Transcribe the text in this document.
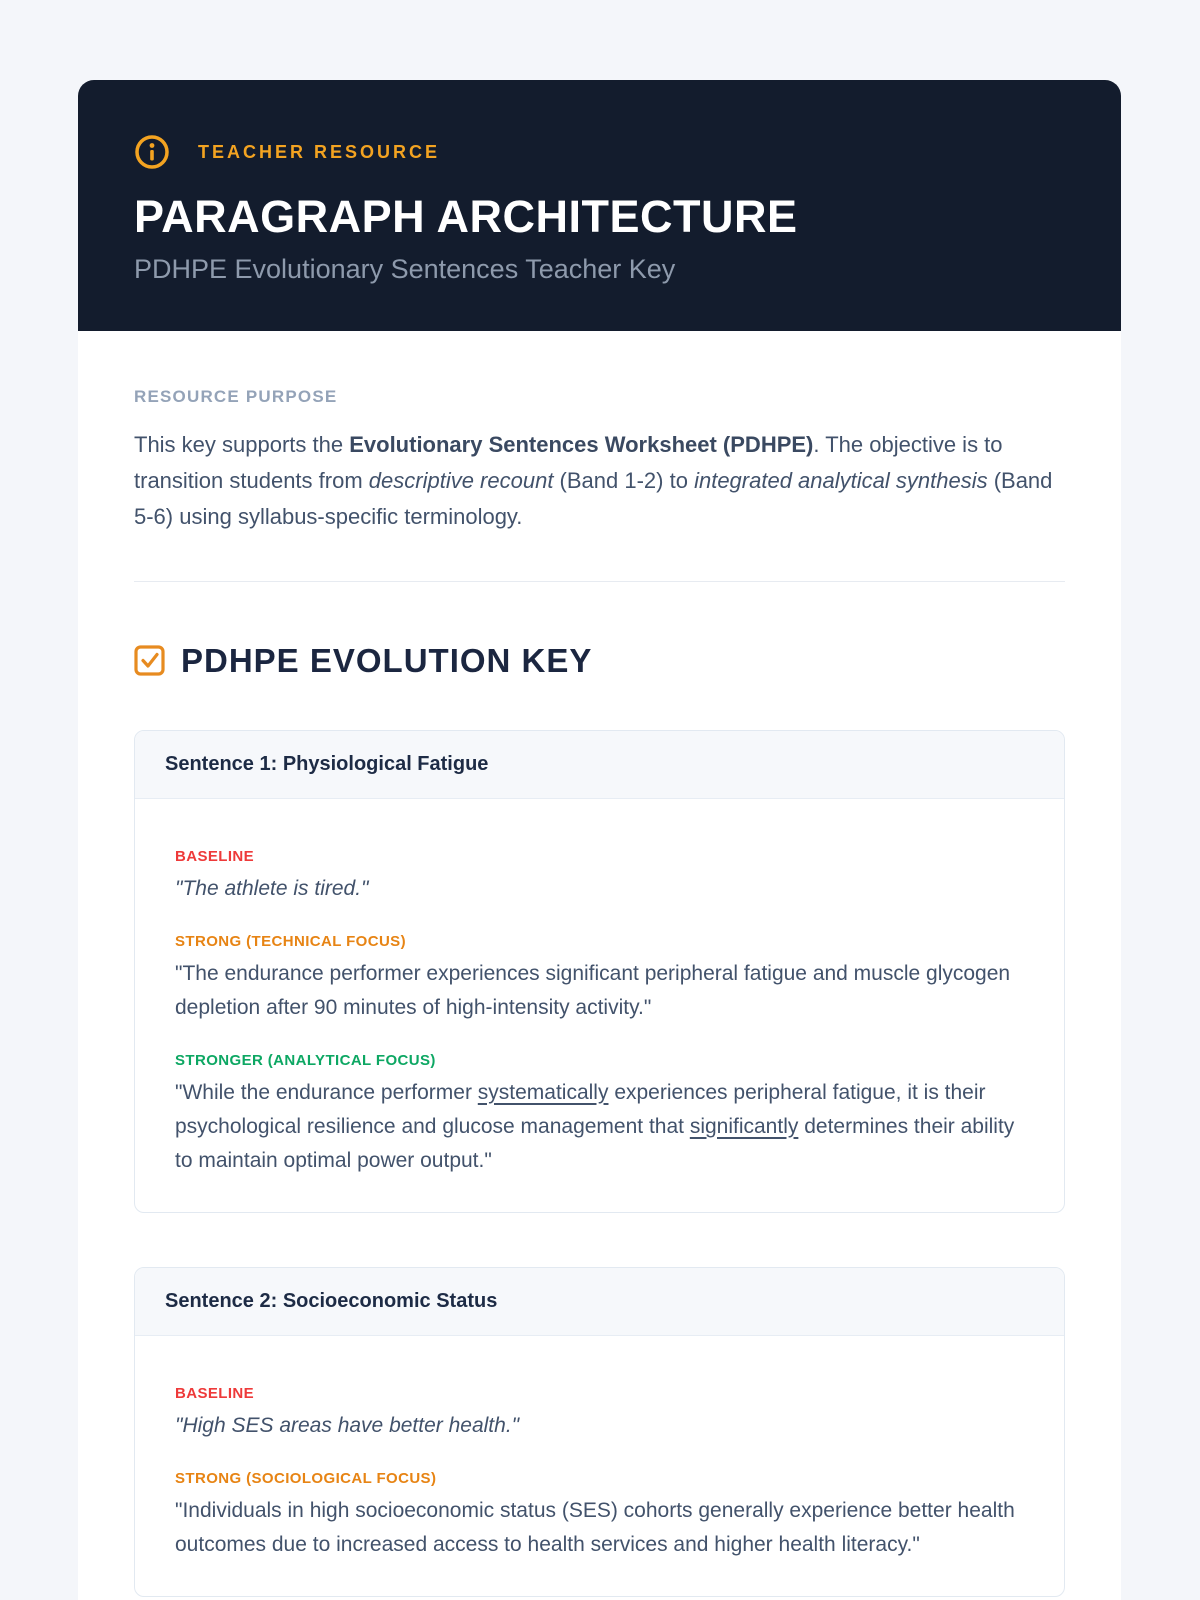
TEACHER RESOURCE
PARAGRAPH ARCHITECTURE
PDHPE Evolutionary Sentences Teacher Key
RESOURCE PURPOSE

This key supports the Evolutionary Sentences Worksheet (PDHPE). The objective is to transition students from descriptive recount (Band 1-2) to integrated analytical synthesis (Band 5-6) using syllabus-specific terminology.

PDHPE EVOLUTION KEY
Sentence 1: Physiological Fatigue
BASELINE

"The athlete is tired."

STRONG (TECHNICAL FOCUS)

"The endurance performer experiences significant peripheral fatigue and muscle glycogen depletion after 90 minutes of high-intensity activity."

STRONGER (ANALYTICAL FOCUS)

"While the endurance performer systematically experiences peripheral fatigue, it is their psychological resilience and glucose management that significantly determines their ability to maintain optimal power output."

Sentence 2: Socioeconomic Status
BASELINE

"High SES areas have better health."

STRONG (SOCIOLOGICAL FOCUS)

"Individuals in high socioeconomic status (SES) cohorts generally experience better health outcomes due to increased access to health services and higher health literacy."
